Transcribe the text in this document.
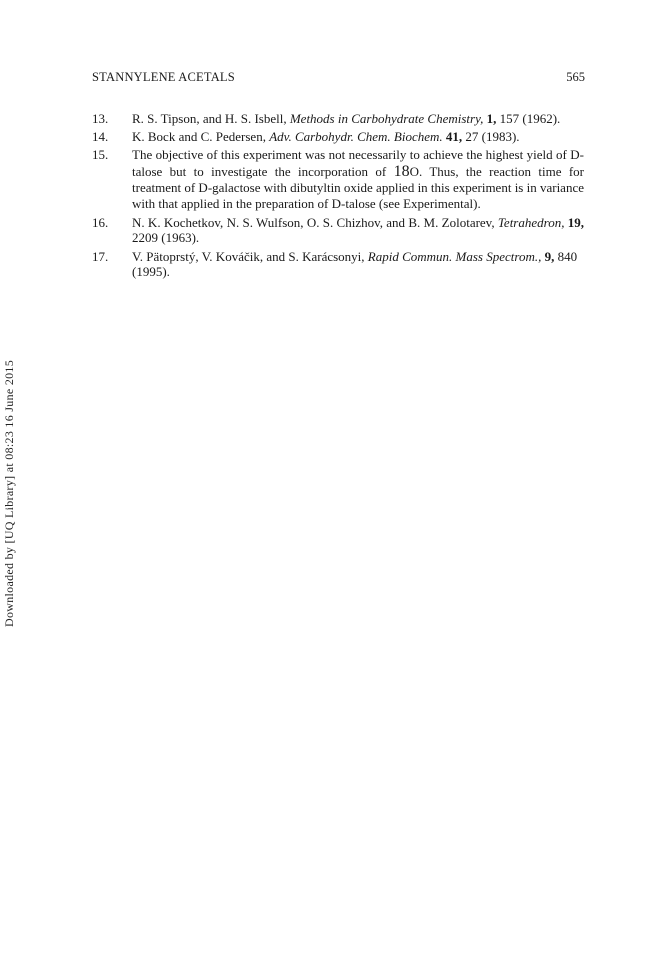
STANNYLENE ACETALS	565
13. R. S. Tipson, and H. S. Isbell, Methods in Carbohydrate Chemistry, 1, 157 (1962).
14. K. Bock and C. Pedersen, Adv. Carbohydr. Chem. Biochem. 41, 27 (1983).
15. The objective of this experiment was not necessarily to achieve the highest yield of D-talose but to investigate the incorporation of 18O. Thus, the reaction time for treatment of D-galactose with dibutyltin oxide applied in this experiment is in variance with that applied in the preparation of D-talose (see Experimental).
16. N. K. Kochetkov, N. S. Wulfson, O. S. Chizhov, and B. M. Zolotarev, Tetrahedron, 19, 2209 (1963).
17. V. Pätoprstý, V. Kováčik, and S. Karácsonyi, Rapid Commun. Mass Spectrom., 9, 840 (1995).
Downloaded by [UQ Library] at 08:23 16 June 2015
